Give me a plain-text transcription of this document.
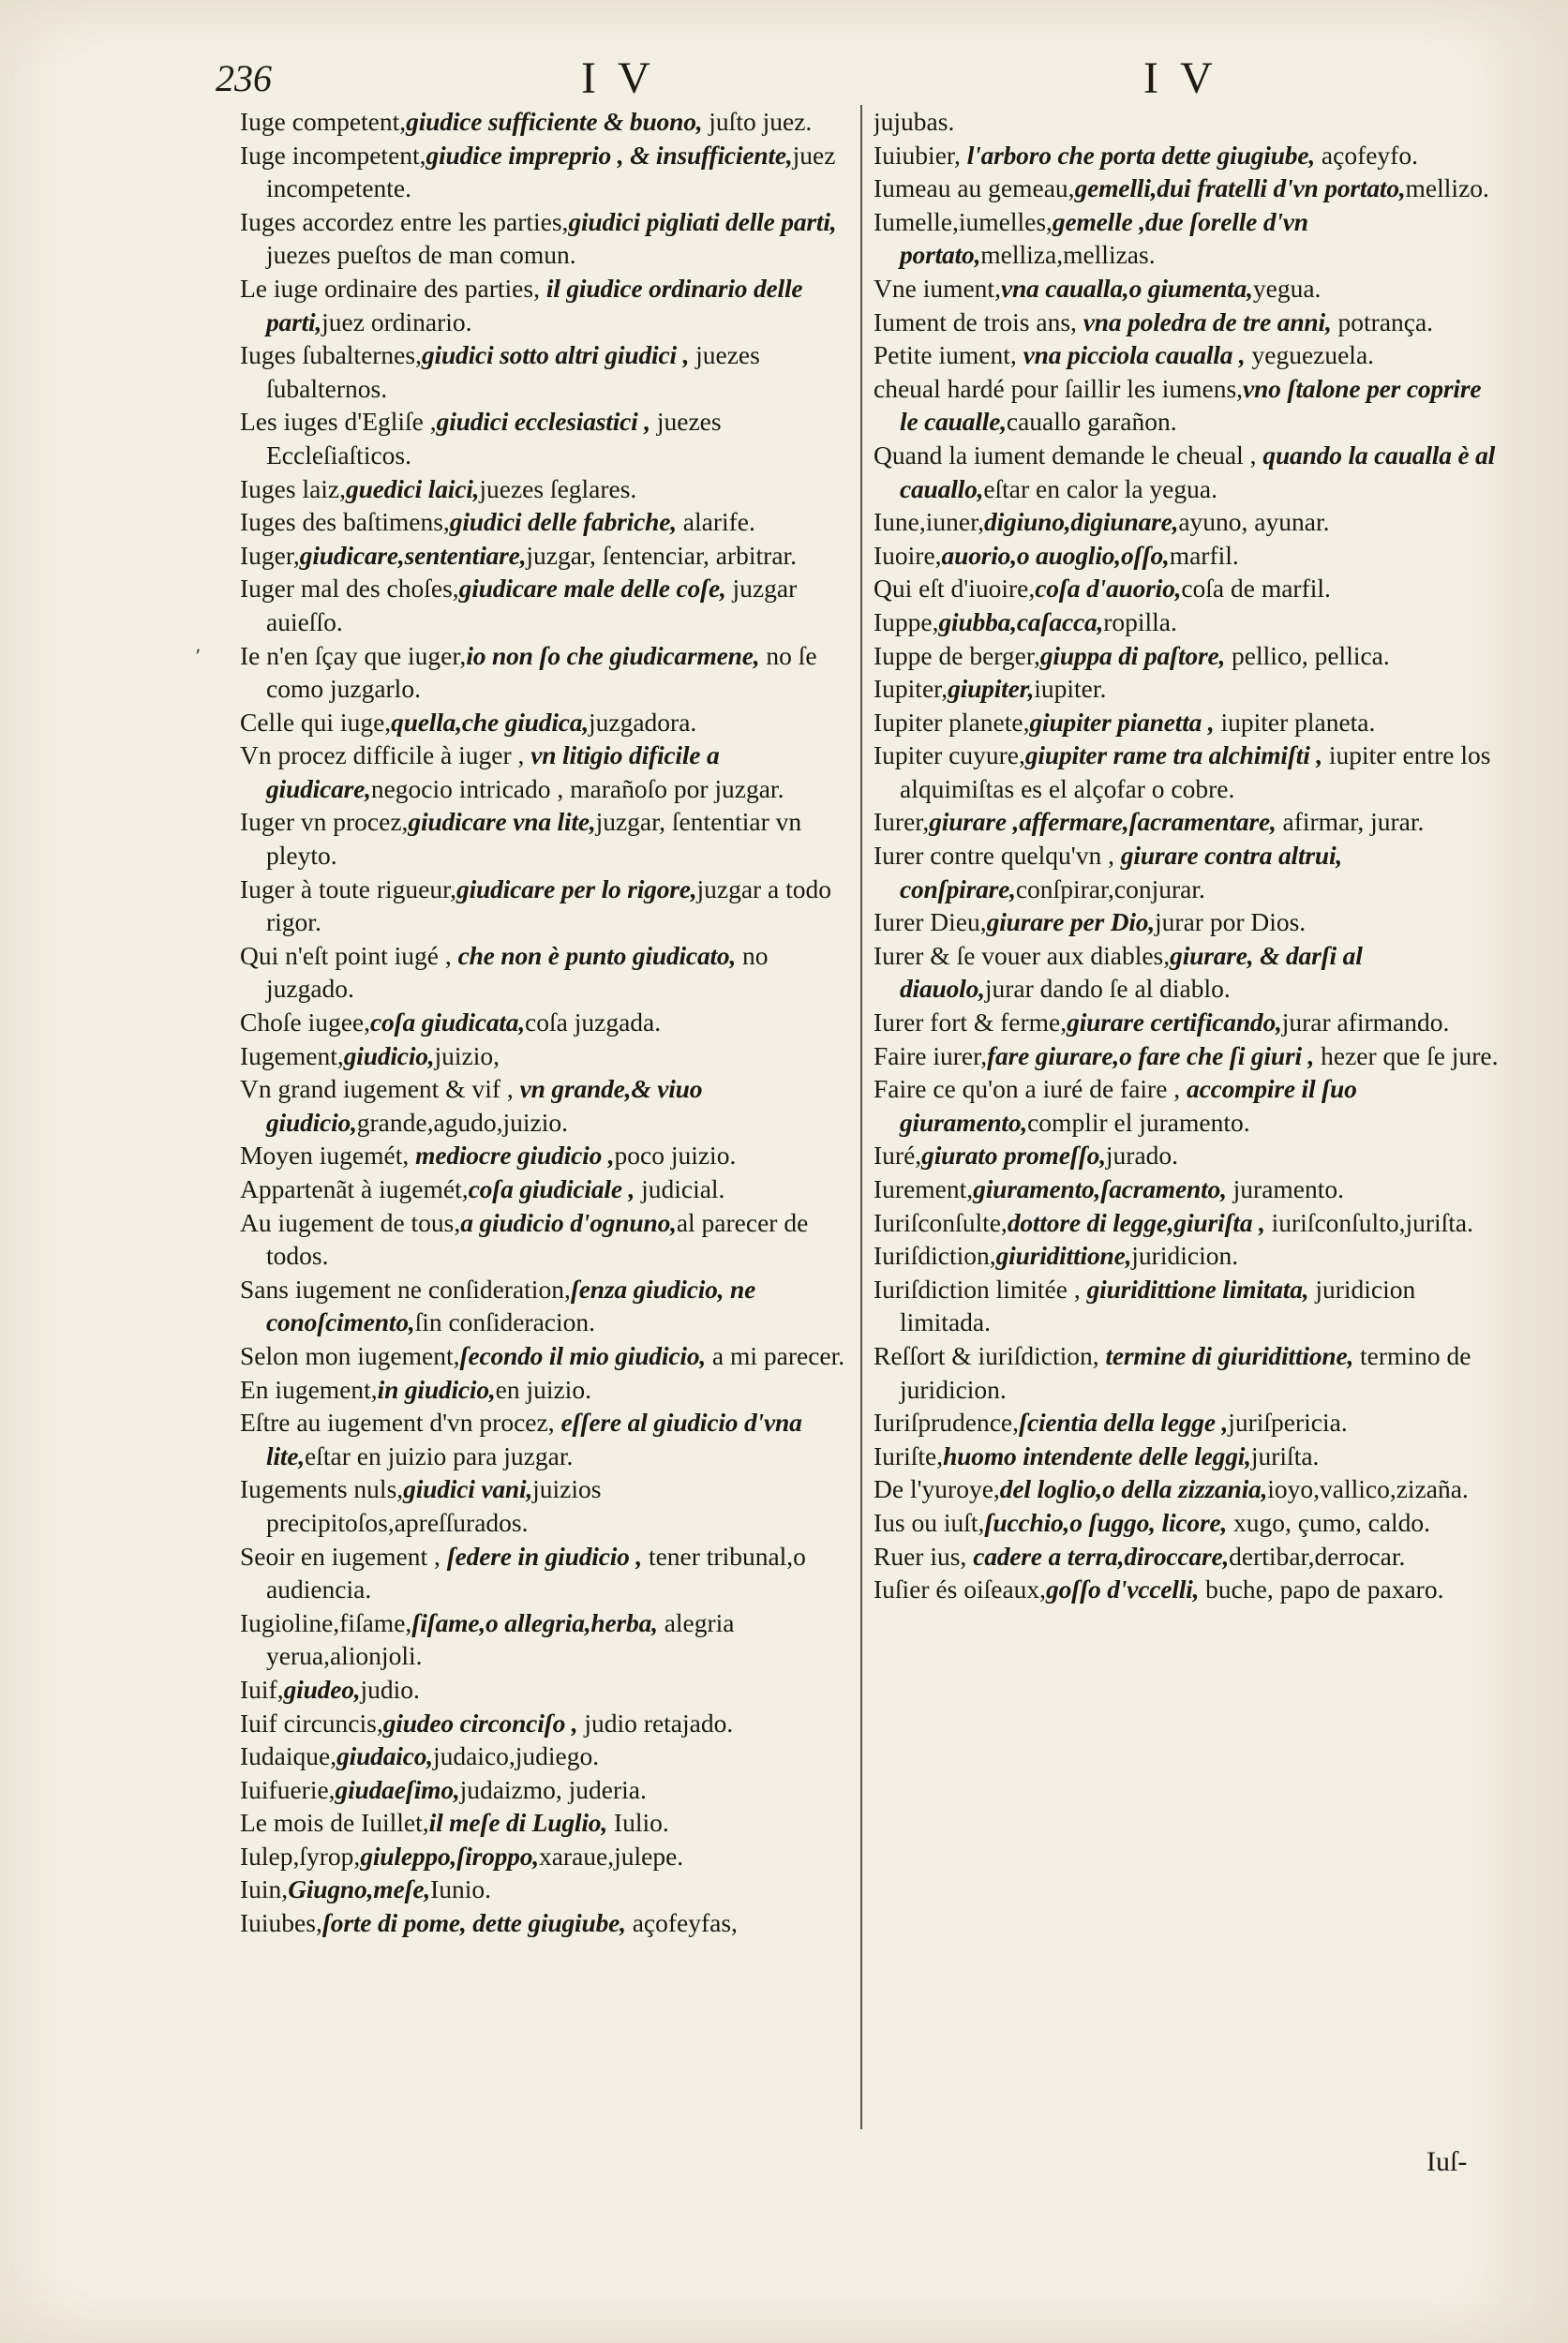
236	I V	I V
‚

Iuge competent,giudice sufficiente & buono, juſto juez.

Iuge incompetent,giudice impreprio , & insufficiente,juez incompetente.

Iuges accordez entre les parties,giudici pigliati delle parti, juezes pueſtos de man comun.

Le iuge ordinaire des parties, il giudice ordinario delle parti,juez ordinario.

Iuges ſubalternes,giudici sotto altri giudici , juezes ſubalternos.

Les iuges d'Egliſe ,giudici ecclesiastici , juezes Eccleſiaſticos.

Iuges laiz,guedici laici,juezes ſeglares.

Iuges des baſtimens,giudici delle fabriche, alarife.

Iuger,giudicare,sententiare,juzgar, ſentenciar, arbitrar.

Iuger mal des choſes,giudicare male delle coſe, juzgar auieſſo.

Ie n'en ſçay que iuger,io non ſo che giudicarmene, no ſe como juzgarlo.

Celle qui iuge,quella,che giudica,juzgadora.

Vn procez difficile à iuger , vn litigio dificile a giudicare,negocio intricado , marañoſo por juzgar.

Iuger vn procez,giudicare vna lite,juzgar, ſententiar vn pleyto.

Iuger à toute rigueur,giudicare per lo rigore,juzgar a todo rigor.

Qui n'eſt point iugé , che non è punto giudicato, no juzgado.

Choſe iugee,coſa giudicata,coſa juzgada.

Iugement,giudicio,juizio,

Vn grand iugement & vif , vn grande,& viuo giudicio,grande,agudo,juizio.

Moyen iugemét, mediocre giudicio ,poco juizio.

Appartenãt à iugemét,coſa giudiciale , judicial.

Au iugement de tous,a giudicio d'ognuno,al parecer de todos.

Sans iugement ne conſideration,ſenza giudicio, ne conoſcimento,ſin conſideracion.

Selon mon iugement,ſecondo il mio giudicio, a mi parecer.

En iugement,in giudicio,en juizio.

Eſtre au iugement d'vn procez, eſſere al giudicio d'vna lite,eſtar en juizio para juzgar.

Iugements nuls,giudici vani,juizios precipitoſos,apreſſurados.

Seoir en iugement , ſedere in giudicio , tener tribunal,o audiencia.

Iugioline,fiſame,ſiſame,o allegria,herba, alegria yerua,alionjoli.

Iuif,giudeo,judio.

Iuif circuncis,giudeo circonciſo , judio retajado.

Iudaique,giudaico,judaico,judiego.

Iuifuerie,giudaeſimo,judaizmo, juderia.

Le mois de Iuillet,il meſe di Luglio, Iulio.

Iulep,ſyrop,giuleppo,ſiroppo,xaraue,julepe.

Iuin,Giugno,meſe,Iunio.

Iuiubes,ſorte di pome, dette giugiube, açofeyfas,

jujubas.

Iuiubier, l'arboro che porta dette giugiube, açofeyfo.

Iumeau au gemeau,gemelli,dui fratelli d'vn portato,mellizo.

Iumelle,iumelles,gemelle ,due ſorelle d'vn portato,melliza,mellizas.

Vne iument,vna caualla,o giumenta,yegua.

Iument de trois ans, vna poledra de tre anni, potrança.

Petite iument, vna picciola caualla , yeguezuela.

cheual hardé pour ſaillir les iumens,vno ſtalone per coprire le caualle,cauallo garañon.

Quand la iument demande le cheual , quando la caualla è al cauallo,eſtar en calor la yegua.

Iune,iuner,digiuno,digiunare,ayuno, ayunar.

Iuoire,auorio,o auoglio,oſſo,marfil.

Qui eſt d'iuoire,coſa d'auorio,coſa de marfil.

Iuppe,giubba,caſacca,ropilla.

Iuppe de berger,giuppa di paſtore, pellico, pellica.

Iupiter,giupiter,iupiter.

Iupiter planete,giupiter pianetta , iupiter planeta.

Iupiter cuyure,giupiter rame tra alchimiſti , iupiter entre los alquimiſtas es el alçofar o cobre.

Iurer,giurare ,affermare,ſacramentare, afirmar, jurar.

Iurer contre quelqu'vn , giurare contra altrui, conſpirare,conſpirar,conjurar.

Iurer Dieu,giurare per Dio,jurar por Dios.

Iurer & ſe vouer aux diables,giurare, & darſi al diauolo,jurar dando ſe al diablo.

Iurer fort & ferme,giurare certificando,jurar afirmando.

Faire iurer,fare giurare,o fare che ſi giuri , hezer que ſe jure.

Faire ce qu'on a iuré de faire , accompire il ſuo giuramento,complir el juramento.

Iuré,giurato promeſſo,jurado.

Iurement,giuramento,ſacramento, juramento.

Iuriſconſulte,dottore di legge,giuriſta , iuriſconſulto,juriſta.

Iuriſdiction,giuridittione,juridicion.

Iuriſdiction limitée , giuridittione limitata, juridicion limitada.

Reſſort & iuriſdiction, termine di giuridittione, termino de juridicion.

Iuriſprudence,ſcientia della legge ,juriſpericia.

Iuriſte,huomo intendente delle leggi,juriſta.

De l'yuroye,del loglio,o della zizzania,ioyo,vallico,zizaña.

Ius ou iuſt,ſucchio,o ſuggo, licore, xugo, çumo, caldo.

Ruer ius, cadere a terra,diroccare,dertibar,derrocar.

Iuſier és oiſeaux,goſſo d'vccelli, buche, papo de paxaro.

Iuſ-
